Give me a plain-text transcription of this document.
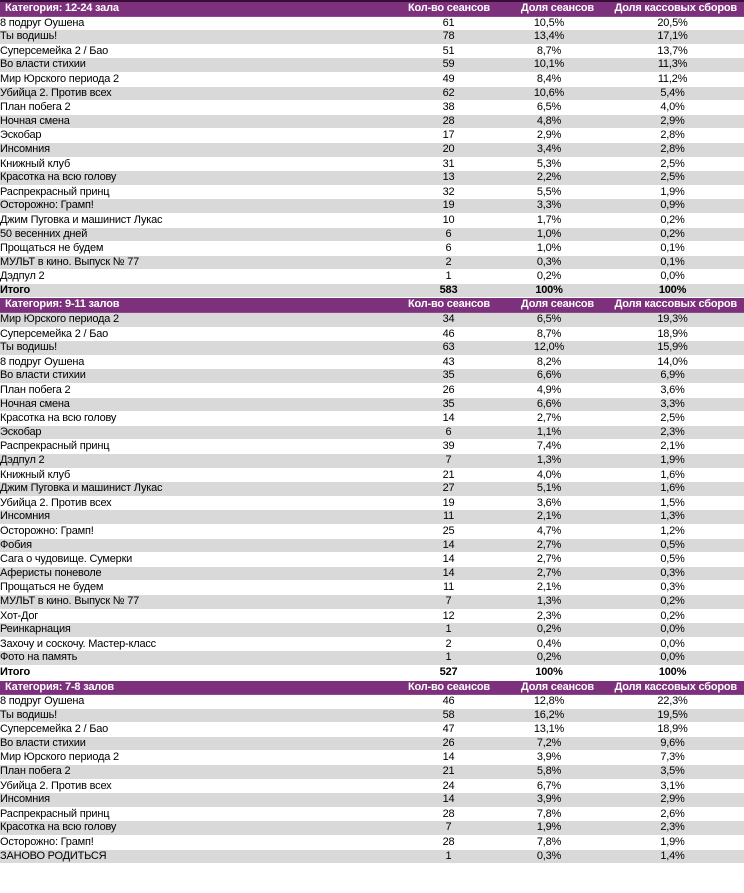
Категория: 12-24 зала	Кол-во сеансов	Доля сеансов	Доля кассовых сборов
8 подруг Оушена	61	10,5%	20,5%
Ты водишь!	78	13,4%	17,1%
Суперсемейка 2 / Бао	51	8,7%	13,7%
Во власти стихии	59	10,1%	11,3%
Мир Юрского периода 2	49	8,4%	11,2%
Убийца 2. Против всех	62	10,6%	5,4%
План побега 2	38	6,5%	4,0%
Ночная смена	28	4,8%	2,9%
Эскобар	17	2,9%	2,8%
Инсомния	20	3,4%	2,8%
Книжный клуб	31	5,3%	2,5%
Красотка на всю голову	13	2,2%	2,5%
Распрекрасный принц	32	5,5%	1,9%
Осторожно: Грамп!	19	3,3%	0,9%
Джим Пуговка и машинист Лукас	10	1,7%	0,2%
50 весенних дней	6	1,0%	0,2%
Прощаться не будем	6	1,0%	0,1%
МУЛЬТ в кино. Выпуск № 77	2	0,3%	0,1%
Дэдпул 2	1	0,2%	0,0%
Итого	583	100%	100%
Категория: 9-11 залов	Кол-во сеансов	Доля сеансов	Доля кассовых сборов
Мир Юрского периода 2	34	6,5%	19,3%
Суперсемейка 2 / Бао	46	8,7%	18,9%
Ты водишь!	63	12,0%	15,9%
8 подруг Оушена	43	8,2%	14,0%
Во власти стихии	35	6,6%	6,9%
План побега 2	26	4,9%	3,6%
Ночная смена	35	6,6%	3,3%
Красотка на всю голову	14	2,7%	2,5%
Эскобар	6	1,1%	2,3%
Распрекрасный принц	39	7,4%	2,1%
Дэдпул 2	7	1,3%	1,9%
Книжный клуб	21	4,0%	1,6%
Джим Пуговка и машинист Лукас	27	5,1%	1,6%
Убийца 2. Против всех	19	3,6%	1,5%
Инсомния	11	2,1%	1,3%
Осторожно: Грамп!	25	4,7%	1,2%
Фобия	14	2,7%	0,5%
Сага о чудовище. Сумерки	14	2,7%	0,5%
Аферисты поневоле	14	2,7%	0,3%
Прощаться не будем	11	2,1%	0,3%
МУЛЬТ в кино. Выпуск № 77	7	1,3%	0,2%
Хот-Дог	12	2,3%	0,2%
Реинкарнация	1	0,2%	0,0%
Захочу и соскочу. Мастер-класс	2	0,4%	0,0%
Фото на память	1	0,2%	0,0%
Итого	527	100%	100%
Категория: 7-8 залов	Кол-во сеансов	Доля сеансов	Доля кассовых сборов
8 подруг Оушена	46	12,8%	22,3%
Ты водишь!	58	16,2%	19,5%
Суперсемейка 2 / Бао	47	13,1%	18,9%
Во власти стихии	26	7,2%	9,6%
Мир Юрского периода 2	14	3,9%	7,3%
План побега 2	21	5,8%	3,5%
Убийца 2. Против всех	24	6,7%	3,1%
Инсомния	14	3,9%	2,9%
Распрекрасный принц	28	7,8%	2,6%
Красотка на всю голову	7	1,9%	2,3%
Осторожно: Грамп!	28	7,8%	1,9%
ЗАНОВО РОДИТЬСЯ	1	0,3%	1,4%
